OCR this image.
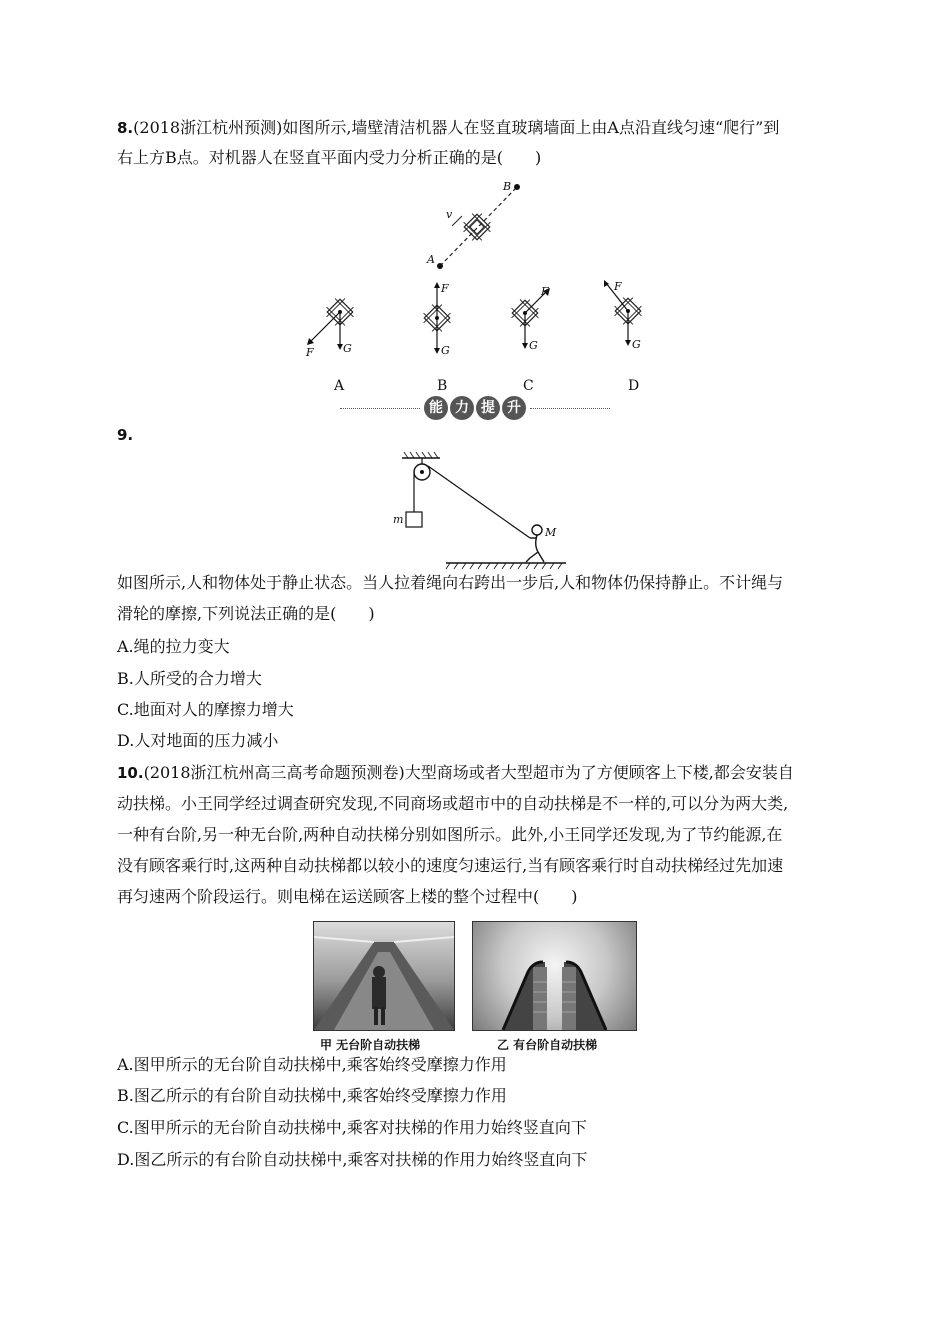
8.(2018浙江杭州预测)如图所示,墙壁清洁机器人在竖直玻璃墙面上由A点沿直线匀速“爬行”到
右上方B点。对机器人在竖直平面内受力分析正确的是(　　)
A
B
v
F	G
F
G
F
G
F
G
A	B	C	D
能 力 提 升
9.
m
M
如图所示,人和物体处于静止状态。当人拉着绳向右跨出一步后,人和物体仍保持静止。不计绳与
滑轮的摩擦,下列说法正确的是(　　)
A.绳的拉力变大
B.人所受的合力增大
C.地面对人的摩擦力增大
D.人对地面的压力减小
10.(2018浙江杭州高三高考命题预测卷)大型商场或者大型超市为了方便顾客上下楼,都会安装自
动扶梯。小王同学经过调查研究发现,不同商场或超市中的自动扶梯是不一样的,可以分为两大类,
一种有台阶,另一种无台阶,两种自动扶梯分别如图所示。此外,小王同学还发现,为了节约能源,在
没有顾客乘行时,这两种自动扶梯都以较小的速度匀速运行,当有顾客乘行时自动扶梯经过先加速
再匀速两个阶段运行。则电梯在运送顾客上楼的整个过程中(　　)
甲 无台阶自动扶梯	乙 有台阶自动扶梯
A.图甲所示的无台阶自动扶梯中,乘客始终受摩擦力作用
B.图乙所示的有台阶自动扶梯中,乘客始终受摩擦力作用
C.图甲所示的无台阶自动扶梯中,乘客对扶梯的作用力始终竖直向下
D.图乙所示的有台阶自动扶梯中,乘客对扶梯的作用力始终竖直向下
